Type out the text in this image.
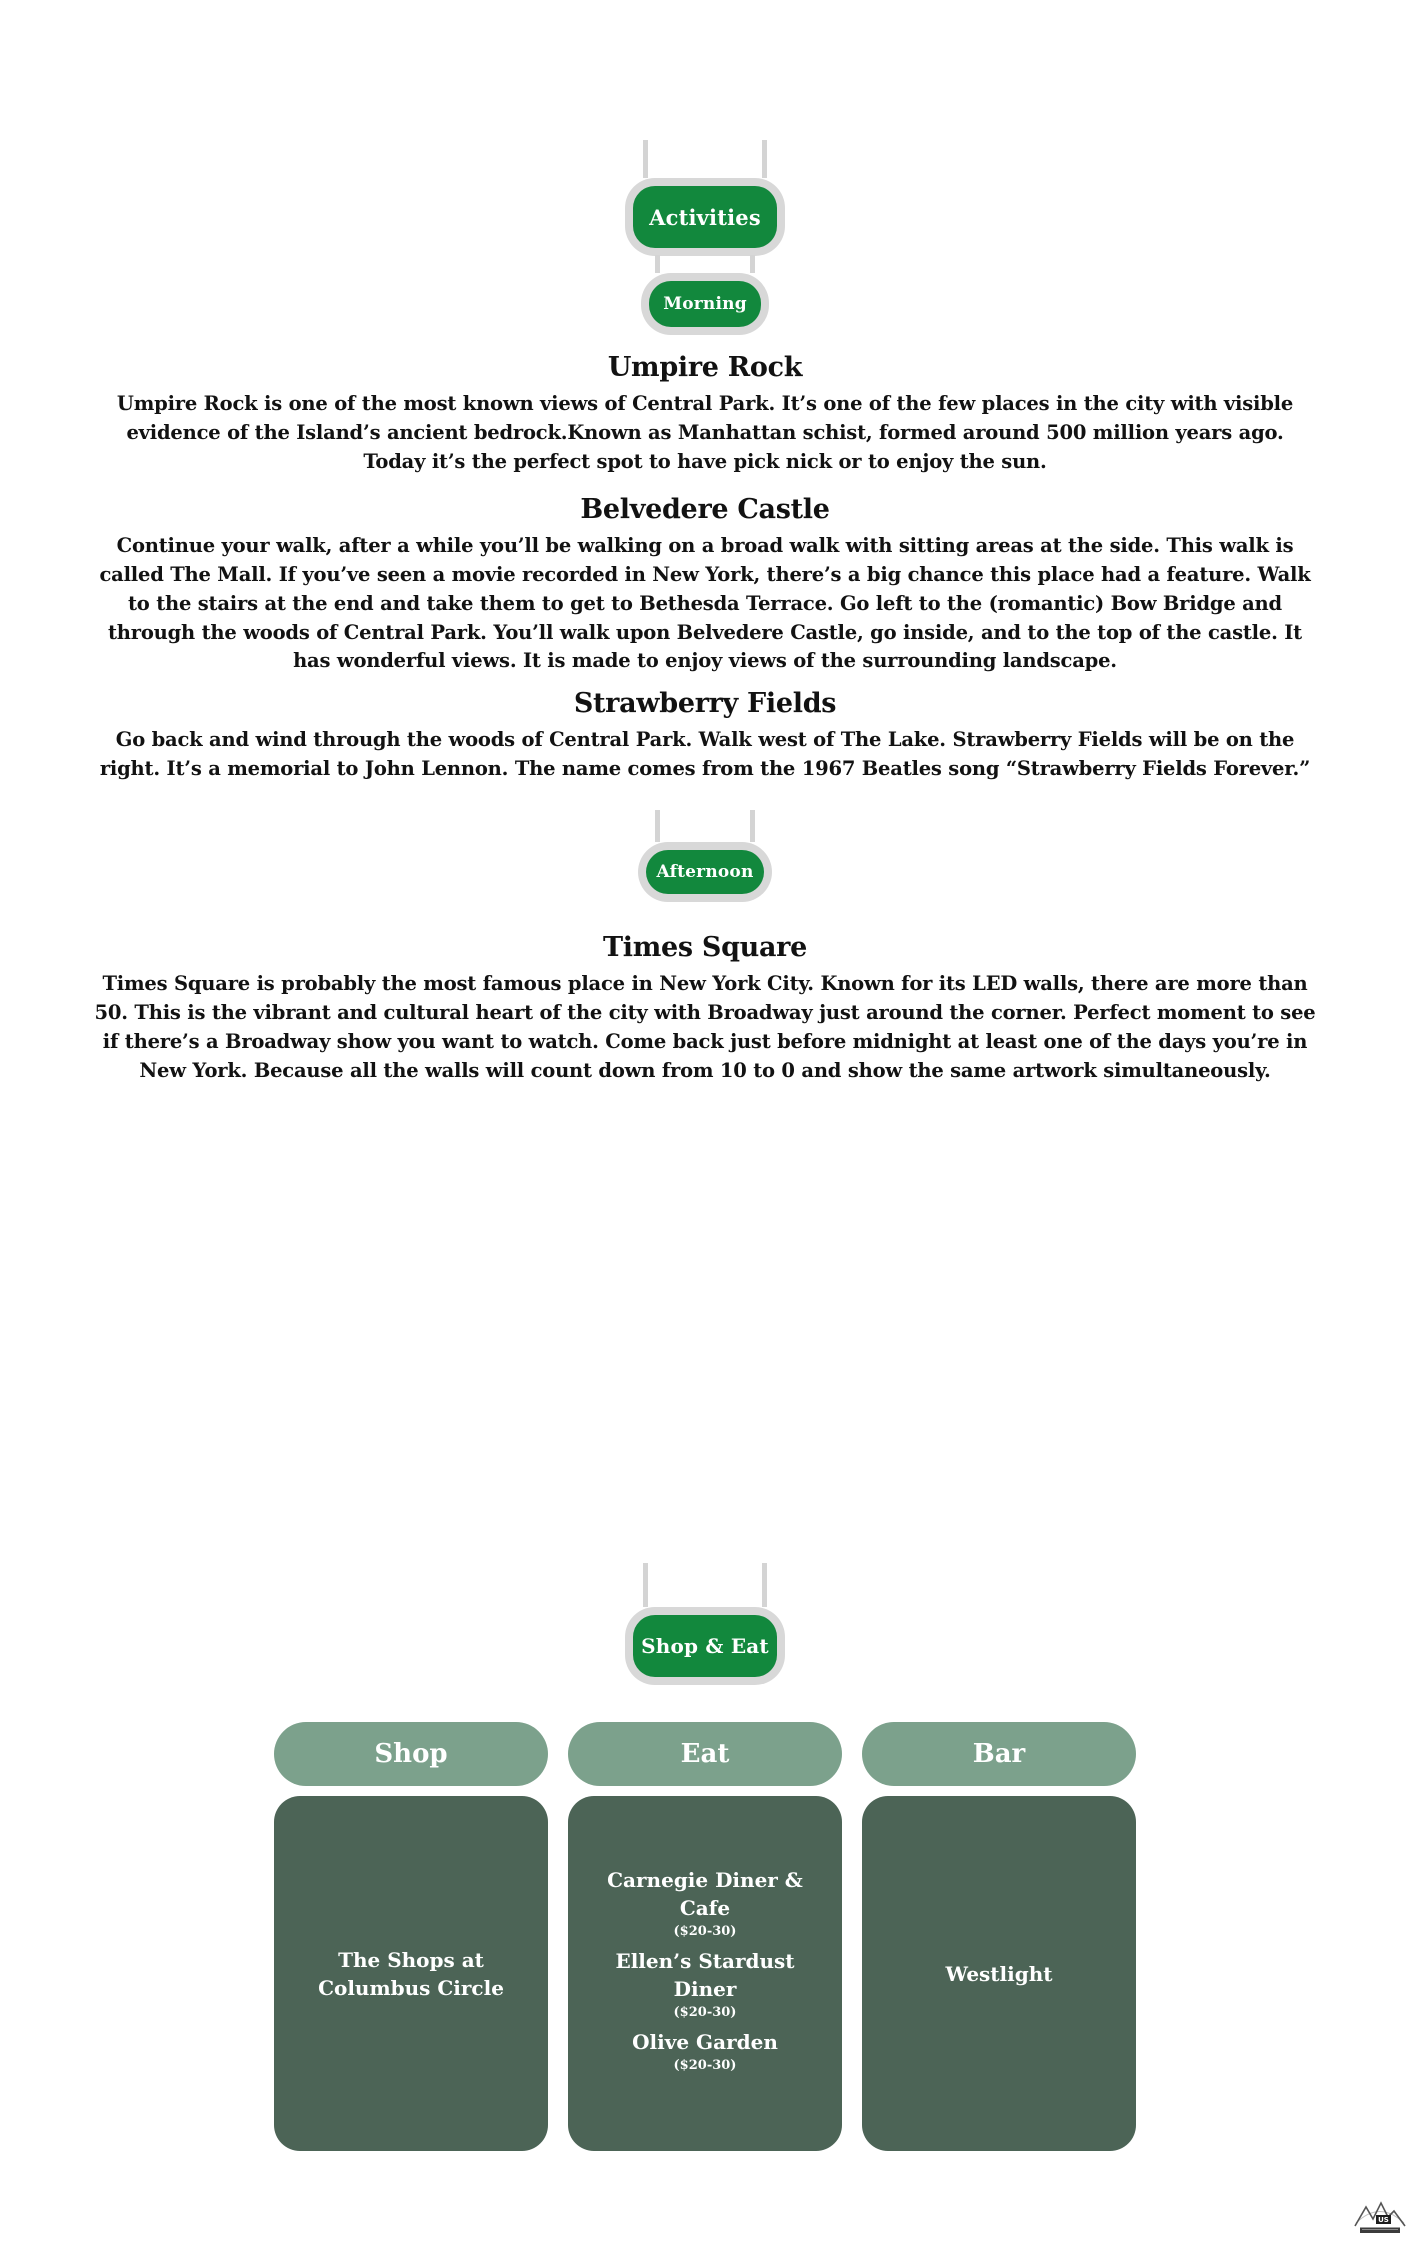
Activities
Morning
Umpire Rock

Umpire Rock is one of the most known views of Central Park. It’s one of the few places in the city with visible evidence of the Island’s ancient bedrock.Known as Manhattan schist, formed around 500 million years ago. Today it’s the perfect spot to have pick nick or to enjoy the sun.

Belvedere Castle

Continue your walk, after a while you’ll be walking on a broad walk with sitting areas at the side. This walk is called The Mall. If you’ve seen a movie recorded in New York, there’s a big chance this place had a feature. Walk to the stairs at the end and take them to get to Bethesda Terrace. Go left to the (romantic) Bow Bridge and through the woods of Central Park. You’ll walk upon Belvedere Castle, go inside, and to the top of the castle. It has wonderful views. It is made to enjoy views of the surrounding landscape.

Strawberry Fields

Go back and wind through the woods of Central Park. Walk west of The Lake. Strawberry Fields will be on the right. It’s a memorial to John Lennon. The name comes from the 1967 Beatles song “Strawberry Fields Forever.”

Afternoon
Times Square

Times Square is probably the most famous place in New York City. Known for its LED walls, there are more than 50. This is the vibrant and cultural heart of the city with Broadway just around the corner. Perfect moment to see if there’s a Broadway show you want to watch. Come back just before midnight at least one of the days you’re in New York. Because all the walls will count down from 10 to 0 and show the same artwork simultaneously.

Shop & Eat
Shop
The Shops at Columbus Circle
Eat
Carnegie Diner & Cafe
($20-30)
Ellen’s Stardust Diner
($20-30)
Olive Garden
($20-30)
Bar
Westlight
US
